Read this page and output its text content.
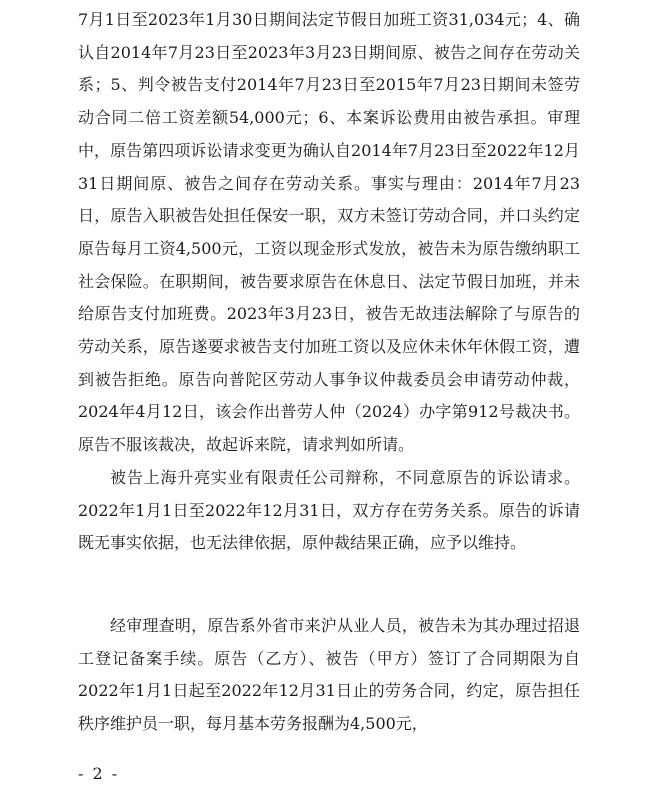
7月1日至2023年1月30日期间法定节假日加班工资31,034元；4、确认自2014年7月23日至2023年3月23日期间原、被告之间存在劳动关系；5、判令被告支付2014年7月23日至2015年7月23日期间未签劳动合同二倍工资差额54,000元；6、本案诉讼费用由被告承担。审理中，原告第四项诉讼请求变更为确认自2014年7月23日至2022年12月31日期间原、被告之间存在劳动关系。事实与理由：2014年7月23日，原告入职被告处担任保安一职，双方未签订劳动合同，并口头约定原告每月工资4,500元，工资以现金形式发放，被告未为原告缴纳职工社会保险。在职期间，被告要求原告在休息日、法定节假日加班，并未给原告支付加班费。2023年3月23日，被告无故违法解除了与原告的劳动关系，原告遂要求被告支付加班工资以及应休未休年休假工资，遭到被告拒绝。原告向普陀区劳动人事争议仲裁委员会申请劳动仲裁，2024年4月12日，该会作出普劳人仲（2024）办字第912号裁决书。原告不服该裁决，故起诉来院，请求判如所请。

被告上海升亮实业有限责任公司辩称，不同意原告的诉讼请求。2022年1月1日至2022年12月31日，双方存在劳务关系。原告的诉请既无事实依据，也无法律依据，原仲裁结果正确，应予以维持。

经审理查明，原告系外省市来沪从业人员，被告未为其办理过招退工登记备案手续。原告（乙方）、被告（甲方）签订了合同期限为自2022年1月1日起至2022年12月31日止的劳务合同，约定，原告担任秩序维护员一职，每月基本劳务报酬为4,500元，

- 2 -
